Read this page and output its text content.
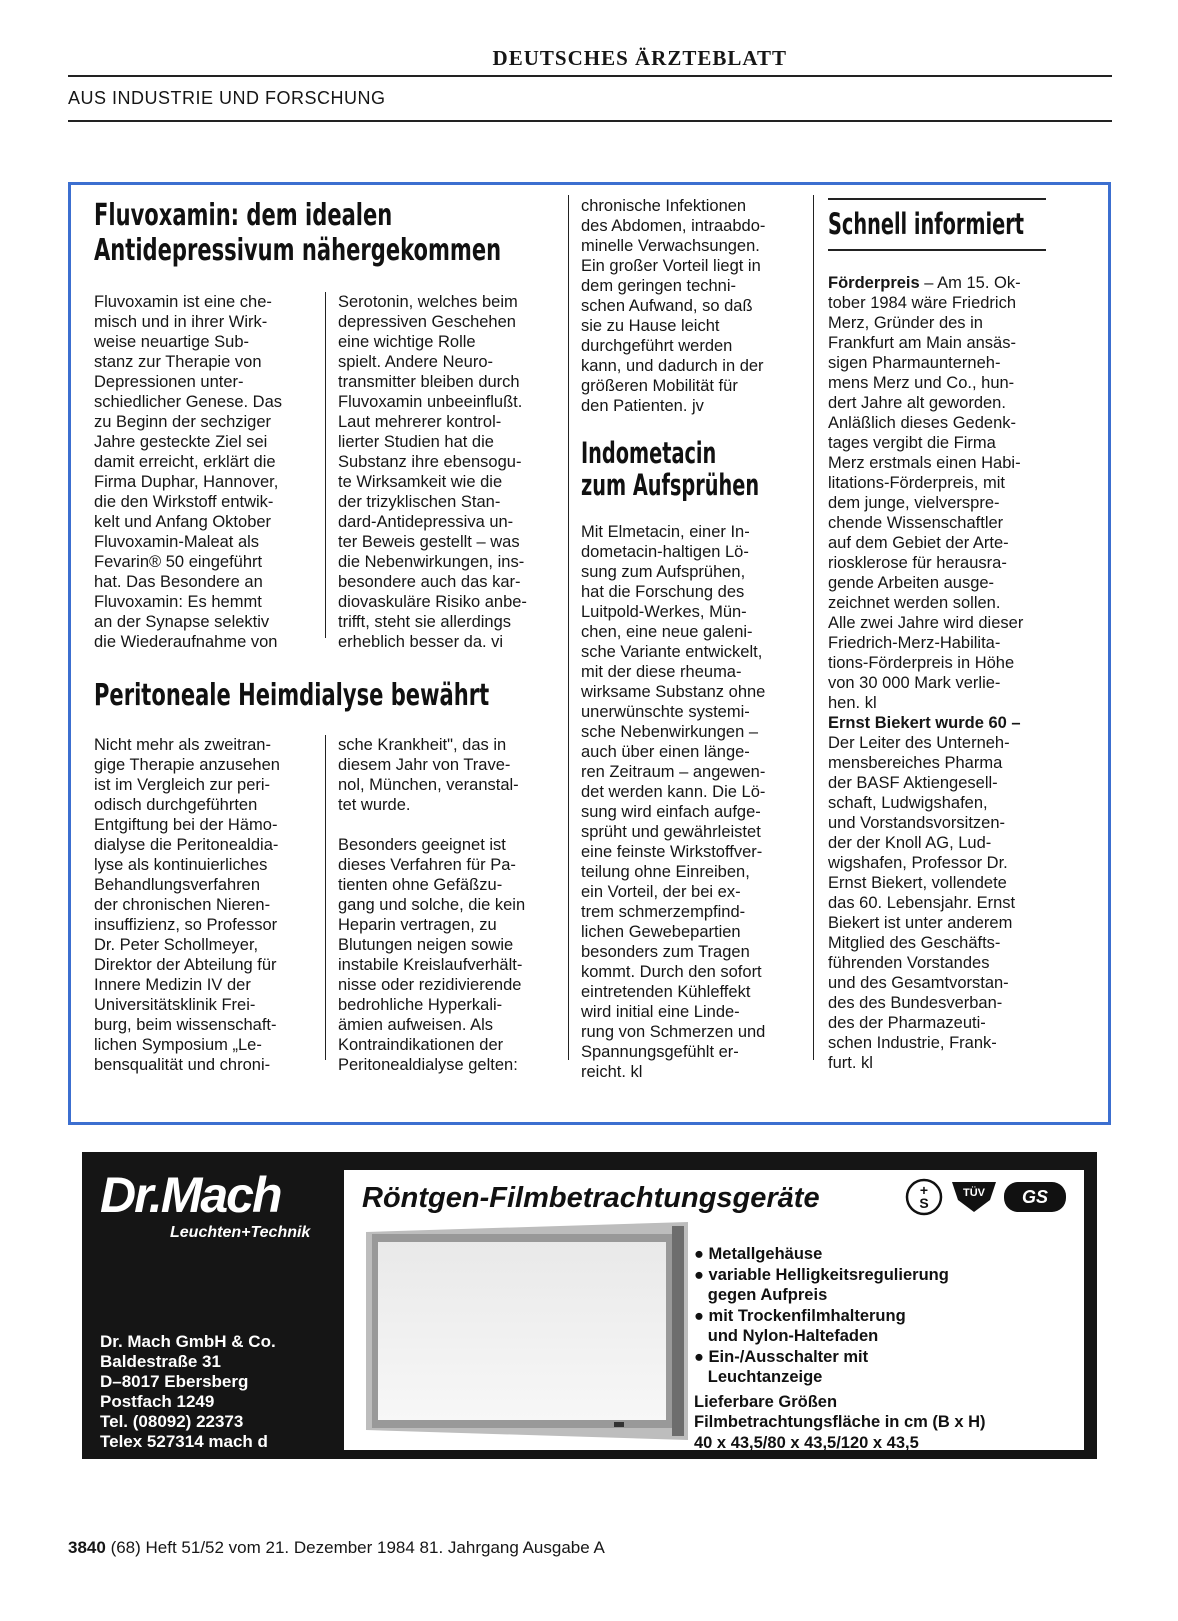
DEUTSCHES ÄRZTEBLATT
AUS INDUSTRIE UND FORSCHUNG
Fluvoxamin: dem idealen
Antidepressivum nähergekommen
Fluvoxamin ist eine che-
misch und in ihrer Wirk-
weise neuartige Sub-
stanz zur Therapie von
Depressionen unter-
schiedlicher Genese. Das
zu Beginn der sechziger
Jahre gesteckte Ziel sei
damit erreicht, erklärt die
Firma Duphar, Hannover,
die den Wirkstoff entwik-
kelt und Anfang Oktober
Fluvoxamin-Maleat als
Fevarin® 50 eingeführt
hat. Das Besondere an
Fluvoxamin: Es hemmt
an der Synapse selektiv
die Wiederaufnahme von
Serotonin, welches beim
depressiven Geschehen
eine wichtige Rolle
spielt. Andere Neuro-
transmitter bleiben durch
Fluvoxamin unbeeinflußt.
Laut mehrerer kontrol-
lierter Studien hat die
Substanz ihre ebensogu-
te Wirksamkeit wie die
der trizyklischen Stan-
dard-Antidepressiva un-
ter Beweis gestellt – was
die Nebenwirkungen, ins-
besondere auch das kar-
diovaskuläre Risiko anbe-
trifft, steht sie allerdings
erheblich besser da. vi
Peritoneale Heimdialyse bewährt
Nicht mehr als zweitran-
gige Therapie anzusehen
ist im Vergleich zur peri-
odisch durchgeführten
Entgiftung bei der Hämo-
dialyse die Peritonealdia-
lyse als kontinuierliches
Behandlungsverfahren
der chronischen Nieren-
insuffizienz, so Professor
Dr. Peter Schollmeyer,
Direktor der Abteilung für
Innere Medizin IV der
Universitätsklinik Frei-
burg, beim wissenschaft-
lichen Symposium „Le-
bensqualität und chroni-
sche Krankheit", das in
diesem Jahr von Trave-
nol, München, veranstal-
tet wurde.

Besonders geeignet ist
dieses Verfahren für Pa-
tienten ohne Gefäßzu-
gang und solche, die kein
Heparin vertragen, zu
Blutungen neigen sowie
instabile Kreislaufverhält-
nisse oder rezidivierende
bedrohliche Hyperkali-
ämien aufweisen. Als
Kontraindikationen der
Peritonealdialyse gelten:
chronische Infektionen
des Abdomen, intraabdo-
minelle Verwachsungen.
Ein großer Vorteil liegt in
dem geringen techni-
schen Aufwand, so daß
sie zu Hause leicht
durchgeführt werden
kann, und dadurch in der
größeren Mobilität für
den Patienten. jv
Indometacin
zum Aufsprühen
Mit Elmetacin, einer In-
dometacin-haltigen Lö-
sung zum Aufsprühen,
hat die Forschung des
Luitpold-Werkes, Mün-
chen, eine neue galeni-
sche Variante entwickelt,
mit der diese rheuma-
wirksame Substanz ohne
unerwünschte systemi-
sche Nebenwirkungen –
auch über einen länge-
ren Zeitraum – angewen-
det werden kann. Die Lö-
sung wird einfach aufge-
sprüht und gewährleistet
eine feinste Wirkstoffver-
teilung ohne Einreiben,
ein Vorteil, der bei ex-
trem schmerzempfind-
lichen Gewebepartien
besonders zum Tragen
kommt. Durch den sofort
eintretenden Kühleffekt
wird initial eine Linde-
rung von Schmerzen und
Spannungsgefühlt er-
reicht. kl
Schnell informiert
Förderpreis – Am 15. Ok-
tober 1984 wäre Friedrich
Merz, Gründer des in
Frankfurt am Main ansäs-
sigen Pharmaunterneh-
mens Merz und Co., hun-
dert Jahre alt geworden.
Anläßlich dieses Gedenk-
tages vergibt die Firma
Merz erstmals einen Habi-
litations-Förderpreis, mit
dem junge, vielverspre-
chende Wissenschaftler
auf dem Gebiet der Arte-
riosklerose für herausra-
gende Arbeiten ausge-
zeichnet werden sollen.
Alle zwei Jahre wird dieser
Friedrich-Merz-Habilita-
tions-Förderpreis in Höhe
von 30 000 Mark verlie-
hen. kl
Ernst Biekert wurde 60 –
Der Leiter des Unterneh-
mensbereiches Pharma
der BASF Aktiengesell-
schaft, Ludwigshafen,
und Vorstandsvorsitzen-
der der Knoll AG, Lud-
wigshafen, Professor Dr.
Ernst Biekert, vollendete
das 60. Lebensjahr. Ernst
Biekert ist unter anderem
Mitglied des Geschäfts-
führenden Vorstandes
und des Gesamtvorstan-
des des Bundesverban-
des der Pharmazeuti-
schen Industrie, Frank-
furt. kl
Dr.Mach
Leuchten+Technik
Röntgen-Filmbetrachtungsgeräte	+
S
TÜV GS
● Metallgehäuse
● variable Helligkeitsregulierung
gegen Aufpreis
● mit Trockenfilmhalterung
und Nylon-Haltefaden
● Ein-/Ausschalter mit
Leuchtanzeige
Lieferbare Größen
Filmbetrachtungsfläche in cm (B x H)
40 x 43,5/80 x 43,5/120 x 43,5
Dr. Mach GmbH & Co.
Baldestraße 31
D–8017 Ebersberg
Postfach 1249
Tel. (08092) 22373
Telex 527314 mach d
3840 (68) Heft 51/52 vom 21. Dezember 1984 81. Jahrgang Ausgabe A
